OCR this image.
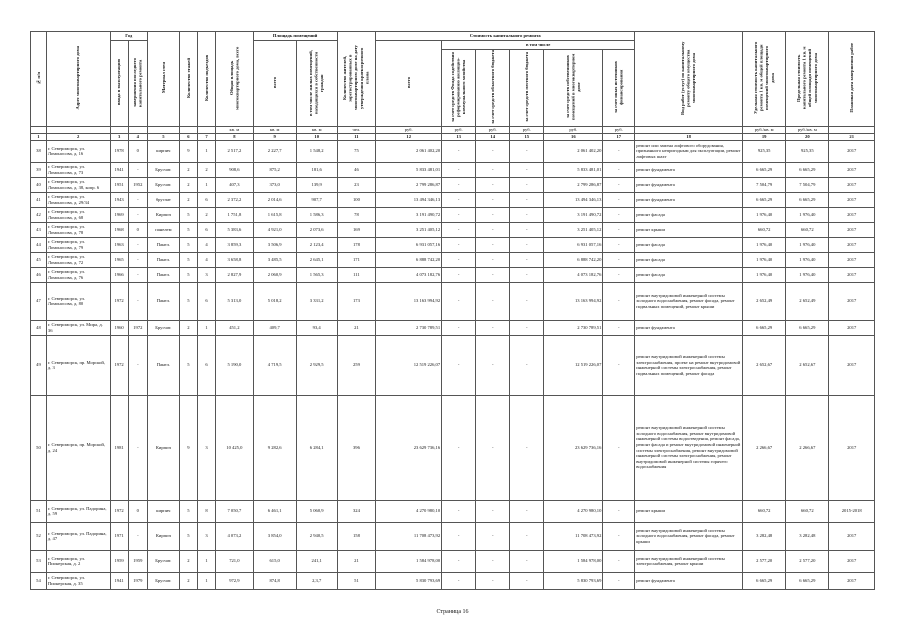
№ п/п	Адрес многоквартирного дома	Год		Материал стен	Количество этажей	Количество подъездов	Общая площадь многоквартирного дома, всего	Площадь помещений		Количество жителей, зарегистрированных в многоквартирном доме на дату утверждения краткосрочного плана	Стоимость капитального ремонта						Вид работ (услуг) по капитальному ремонту общего имущества многоквартирного дома	Удельная стоимость капитального ремонта 1 кв. м общей площади помещений многоквартирного дома	Предельная стоимость капитального ремонта 1 кв. м общей площади помещений многоквартирного дома	Плановая дата завершения работ
		ввода в эксплуатацию	завершения последнего капитального ремонта					всего	в том числе жилых помещений, находящихся в собственности граждан		всего	в том числе								
												за счет средств Фонда содействия реформированию жилищно-коммунального хозяйства	за счет средств областного бюджета	за счет средств местного бюджета	за счет средств собственников помещений в многоквартирном доме	за счет иных источников финансирования				
							кв. м	кв. м	кв. м	чел.	руб.	руб.	руб.	руб.	руб.	руб.		руб./кв. м	руб./кв. м	
1	2	3	4	5	6	7	8	9	10	11	12	13	14	15	16	17	18	19	20	21
38	г. Североморск, ул. Ломоносова, д. 16	1978	0	кирпич	9	1	2 517,2	2 227,7	1 548,2	75	2 061 402,20	-	-	-	2 061 402,20	-	ремонт или замена лифтового оборудования, признанного непригодным для эксплуатации, ремонт лифтовых шахт	925,35	925,35	2017
39	г. Североморск, ул. Ломоносова, д. 73	1941	-	Брусчат.	2	2	908,6	875,2	181,6	46	5 833 481,01	-	-	-	5 833 481,01	-	ремонт фундамента	6 665,29	6 665,29	2017
40	г. Североморск, ул. Ломоносова, д. 38, копр. 6	1951	1952	Брусчат.	2	1	407,3	373,0	139,9	23	2 799 286,87	-	-	-	2 799 286,87	-	ремонт фундамента	7 504,79	7 504,79	2017
41	г. Североморск, ул. Ломоносова, д. 29/34	1943	-	брусчат	2	6	2 372,2	2 014,6	907,7	100	13 494 346,13	-	-	-	13 494 346,13	-	ремонт фундамента	6 665,29	6 665,29	2017
42	г. Североморск, ул. Ломоносова, д. 68	1969	-	Кирпич	5	2	1 751,8	1 615,8	1 586,3	78	3 191 490,72	-	-	-	3 191 490,72	-	ремонт фасада	1 976,40	1 976,40	2017
43	г. Североморск, ул. Ломоносова, д. 78	1968	0	панелем	5	6	5 383,6	4 921,0	2 073,6	169	3 251 405,12	-	-	-	3 251 405,12	-	ремонт крыши	660,72	660,72	2017
44	г. Североморск, ул. Ломоносова, д. 79	1963	-	Панел.	5	4	3 859,3	3 506,9	2 123,4	178	6 931 057,16	-	-	-	6 931 057,16	-	ремонт фасада	1 976,40	1 976,40	2017
45	г. Североморск, ул. Ломоносова, д. 72	1965	-	Панел.	5	4	3 658,8	3 485,5	2 645,1	171	6 888 742,20	-	-	-	6 888 742,20	-	ремонт фасада	1 976,40	1 976,40	2017
46	г. Североморск, ул. Ломоносова, д. 76	1966	-	Панел.	5	3	2 827,9	2 060,9	1 565,3	111	4 073 182,76	-	-	-	4 073 182,76	-	ремонт фасада	1 976,40	1 976,40	2017
47	г. Североморск, ул. Ломоносова, д. 80	1972	-	Панел.	5	6	5 313,0	5 018,2	3 331,2	173	13 163 994,92	-	-	-	13 163 994,92	-	ремонт внутридомовой инженерной системы холодного водоснабжения, ремонт фасада, ремонт подвальных помещений, ремонт крыши	2 652,49	2 652,49	2017
48	г. Североморск, ул. Мира, д. 36	1960	1972	Брусчат.	2	1	451,2	409,7	93,4	21	2 730 789,51	-	-	-	2 730 789,51	-	ремонт фундамента	6 665,29	6 665,29	2017
49	г. Североморск, пр. Морской, д. 3	1972	-	Панел.	5	6	5 190,0	4 719,5	2 929,5	259	12 519 226,07	-	-	-	12 519 226,07	-	ремонт внутридомовой инженерной системы электроснабжения, проект на ремонт внутридомовой инженерной системы электроснабжения, ремонт подвальных помещений, ремонт фасада	2 652,67	2 652,67	2017
50	г. Североморск, пр. Морской, д. 24	1981	-	Кирпич	9	3	10 425,0	9 282,6	6 284,1	396	23 629 736,16	-	-	-	23 629 736,16	-	ремонт внутридомовой инженерной системы холодного водоснабжения, ремонт внутридомовой инженерной системы водоотведения, ремонт фасада, ремонт фасада и ремонт внутридомовой инженерной системы электроснабжения, ремонт внутридомовой инженерной системы электроснабжения, ремонт внутридомовой инженерной системы горячего водоснабжения	2 266,67	2 266,67	2017
51	г. Североморск, ул. Падорина, д. 59	1972	0	кирпич	5	8	7 050,7	6 461,1	5 060,9	324	4 270 980,10	-	-	-	4 270 980,10	-	ремонт крыши	660,72	660,72	2015-2018
52	г. Североморск, ул. Падорина, д. 47	1971	-	Кирпич	5	3	4 073,2	3 854,0	2 940,5	158	11 708 473,92	-	-	-	11 708 473,92	-	ремонт внутридомовой инженерной системы холодного водоснабжения, ремонт фасада, ремонт крыши	3 282,48	3 282,48	2017
53	г. Североморск, ул. Пионерская, д. 2	1959	1959	Брусчат.	2	1	721,0	615,0	241,1	21	1 584 978,00	-	-	-	1 584 978,00	-	ремонт внутридомовой инженерной системы электроснабжения, ремонт крыши	2 577,20	2 577,20	2017
54	г. Североморск, ул. Пионерская, д. 35	1941	1979	Брусчат.	2	1	972,9	874,8	2,3,7	51	5 830 793,69	-	-	-	5 830 793,69	-	ремонт фундамента	6 665,29	6 665,29	2017
Страница 16
